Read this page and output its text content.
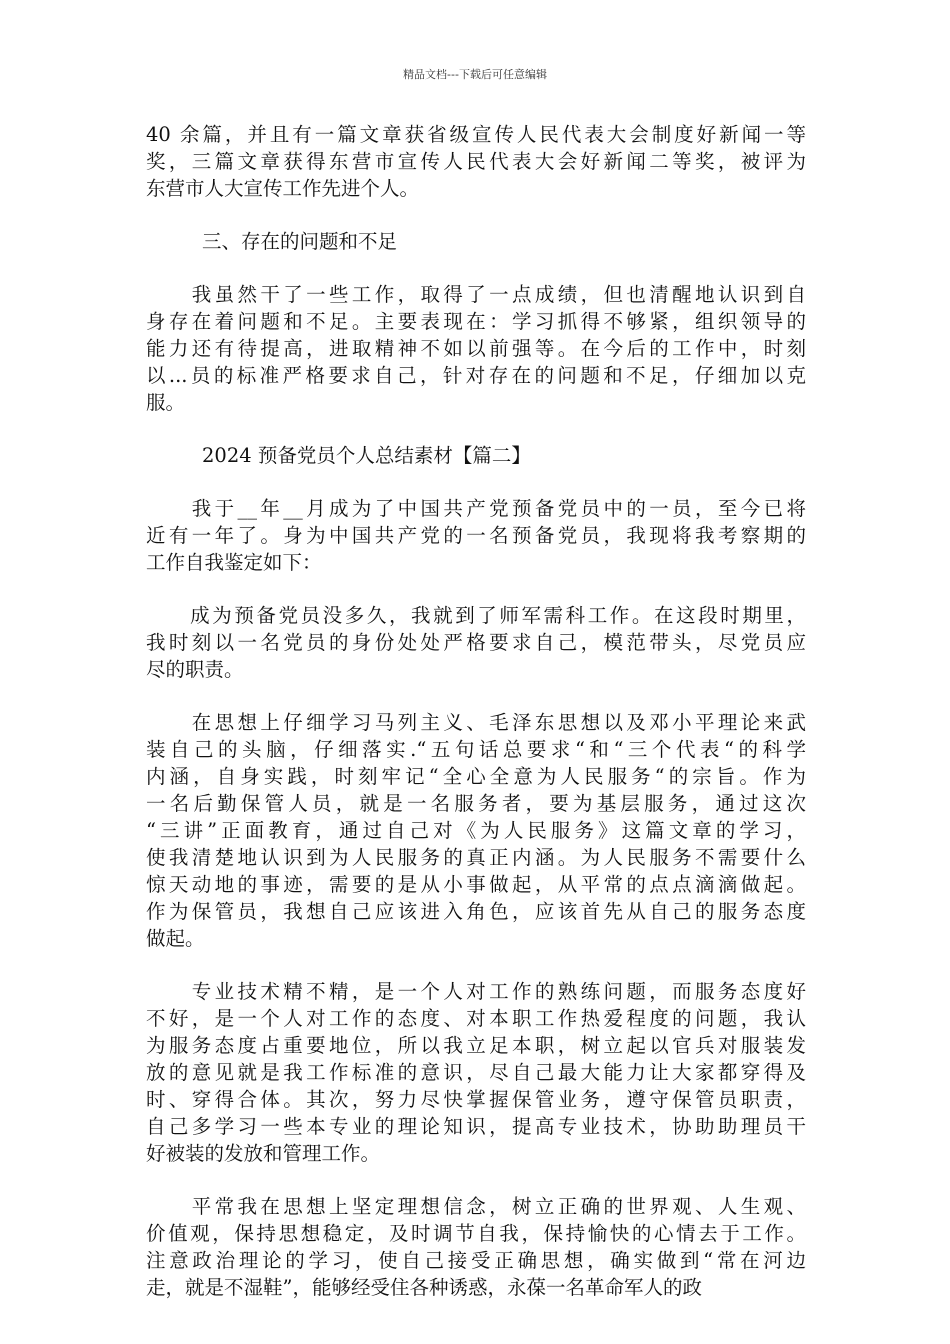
精品文档---下载后可任意编辑
40 余篇，并且有一篇文章获省级宣传人民代表大会制度好新闻一等
奖，三篇文章获得东营市宣传人民代表大会好新闻二等奖，被评为
东营市人大宣传工作先进个人。
三、存在的问题和不足
　　我虽然干了一些工作，取得了一点成绩，但也清醒地认识到自
身存在着问题和不足。主要表现在：学习抓得不够紧，组织领导的
能力还有待提高，进取精神不如以前强等。在今后的工作中，时刻
以...员的标准严格要求自己，针对存在的问题和不足，仔细加以克
服。
2024 预备党员个人总结素材【篇二】
　　我于__年__月成为了中国共产党预备党员中的一员，至今已将
近有一年了。身为中国共产党的一名预备党员，我现将我考察期的
工作自我鉴定如下：
　　成为预备党员没多久，我就到了师军需科工作。在这段时期里，
我时刻以一名党员的身份处处严格要求自己，模范带头，尽党员应
尽的职责。
　　在思想上仔细学习马列主义、毛泽东思想以及邓小平理论来武
装自己的头脑，仔细落实.“五句话总要求“和“三个代表“的科学
内涵，自身实践，时刻牢记“全心全意为人民服务“的宗旨。作为
一名后勤保管人员，就是一名服务者，要为基层服务，通过这次
“三讲”正面教育，通过自己对《为人民服务》这篇文章的学习，
使我清楚地认识到为人民服务的真正内涵。为人民服务不需要什么
惊天动地的事迹，需要的是从小事做起，从平常的点点滴滴做起。
作为保管员，我想自己应该进入角色，应该首先从自己的服务态度
做起。
　　专业技术精不精，是一个人对工作的熟练问题，而服务态度好
不好，是一个人对工作的态度、对本职工作热爱程度的问题，我认
为服务态度占重要地位，所以我立足本职，树立起以官兵对服装发
放的意见就是我工作标准的意识，尽自己最大能力让大家都穿得及
时、穿得合体。其次，努力尽快掌握保管业务，遵守保管员职责，
自己多学习一些本专业的理论知识，提高专业技术，协助助理员干
好被装的发放和管理工作。
　　平常我在思想上坚定理想信念，树立正确的世界观、人生观、
价值观，保持思想稳定，及时调节自我，保持愉快的心情去于工作。
注意政治理论的学习，使自己接受正确思想，确实做到“常在河边
走，就是不湿鞋”，能够经受住各种诱惑，永葆一名革命军人的政
